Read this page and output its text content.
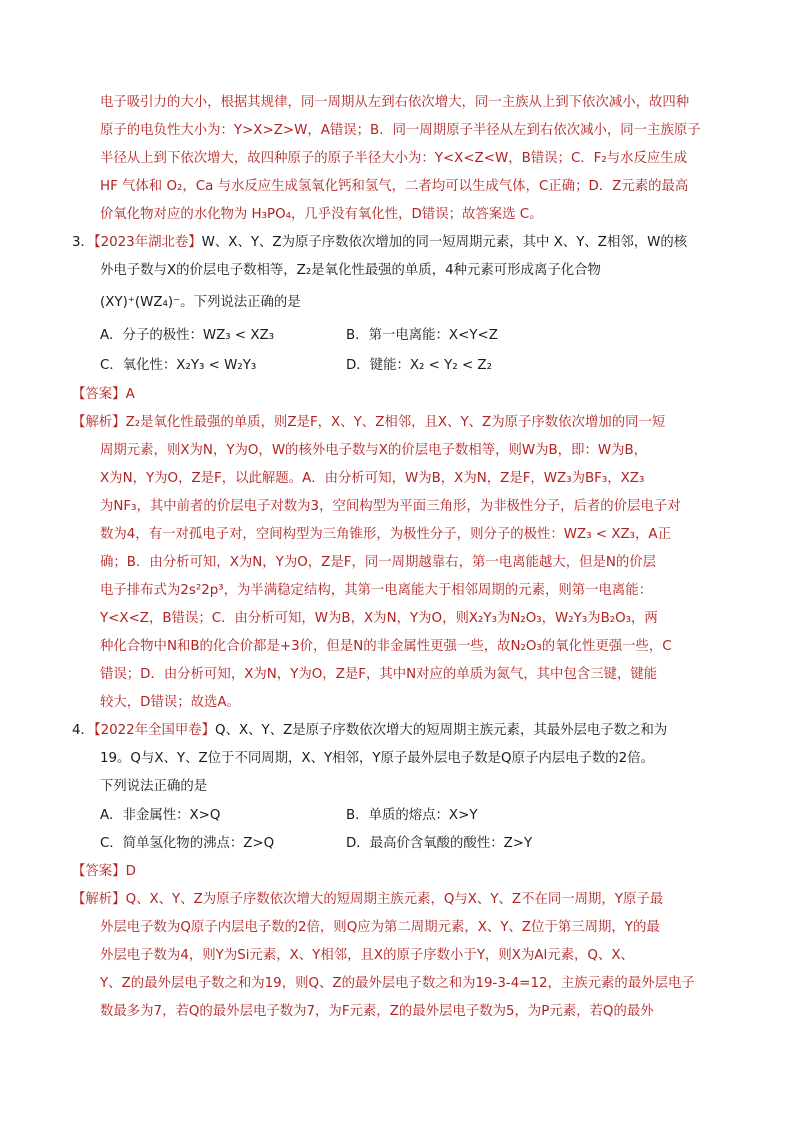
电子吸引力的大小，根据其规律，同一周期从左到右依次增大，同一主族从上到下依次减小，故四种
原子的电负性大小为：Y>X>Z>W，A错误；B．同一周期原子半径从左到右依次减小，同一主族原子
半径从上到下依次增大，故四种原子的原子半径大小为：Y<X<Z<W，B错误；C．F₂与水反应生成
HF 气体和 O₂，Ca 与水反应生成氢氧化钙和氢气，二者均可以生成气体，C正确；D．Z元素的最高
价氧化物对应的水化物为 H₃PO₄，几乎没有氧化性，D错误；故答案选 C。
3．【2023年湖北卷】W、X、Y、Z为原子序数依次增加的同一短周期元素，其中 X、Y、Z相邻，W的核
外电子数与X的价层电子数相等，Z₂是氧化性最强的单质，4种元素可形成离子化合物
(XY)⁺(WZ₄)⁻。下列说法正确的是
A．分子的极性：WZ₃ < XZ₃	B．第一电离能：X<Y<Z
C．氧化性：X₂Y₃ < W₂Y₃	D．键能：X₂ < Y₂ < Z₂
【答案】A
【解析】Z₂是氧化性最强的单质，则Z是F，X、Y、Z相邻，且X、Y、Z为原子序数依次增加的同一短
周期元素，则X为N，Y为O，W的核外电子数与X的价层电子数相等，则W为B，即：W为B，
X为N，Y为O，Z是F，以此解题。A．由分析可知，W为B，X为N，Z是F，WZ₃为BF₃，XZ₃
为NF₃，其中前者的价层电子对数为3，空间构型为平面三角形，为非极性分子，后者的价层电子对
数为4，有一对孤电子对，空间构型为三角锥形，为极性分子，则分子的极性：WZ₃ < XZ₃，A正
确；B．由分析可知，X为N，Y为O，Z是F，同一周期越靠右，第一电离能越大，但是N的价层
电子排布式为2s²2p³，为半满稳定结构，其第一电离能大于相邻周期的元素，则第一电离能：
Y<X<Z，B错误；C．由分析可知，W为B，X为N，Y为O，则X₂Y₃为N₂O₃，W₂Y₃为B₂O₃，两
种化合物中N和B的化合价都是+3价，但是N的非金属性更强一些，故N₂O₃的氧化性更强一些，C
错误；D．由分析可知，X为N，Y为O，Z是F，其中N对应的单质为氮气，其中包含三键，键能
较大，D错误；故选A。
4．【2022年全国甲卷】Q、X、Y、Z是原子序数依次增大的短周期主族元素，其最外层电子数之和为
19。Q与X、Y、Z位于不同周期，X、Y相邻，Y原子最外层电子数是Q原子内层电子数的2倍。
下列说法正确的是
A．非金属性：X>Q	B．单质的熔点：X>Y
C．简单氢化物的沸点：Z>Q	D．最高价含氧酸的酸性：Z>Y
【答案】D
【解析】Q、X、Y、Z为原子序数依次增大的短周期主族元素，Q与X、Y、Z不在同一周期，Y原子最
外层电子数为Q原子内层电子数的2倍，则Q应为第二周期元素，X、Y、Z位于第三周期，Y的最
外层电子数为4，则Y为Si元素，X、Y相邻，且X的原子序数小于Y，则X为Al元素，Q、X、
Y、Z的最外层电子数之和为19，则Q、Z的最外层电子数之和为19-3-4=12，主族元素的最外层电子
数最多为7，若Q的最外层电子数为7，为F元素，Z的最外层电子数为5，为P元素，若Q的最外
